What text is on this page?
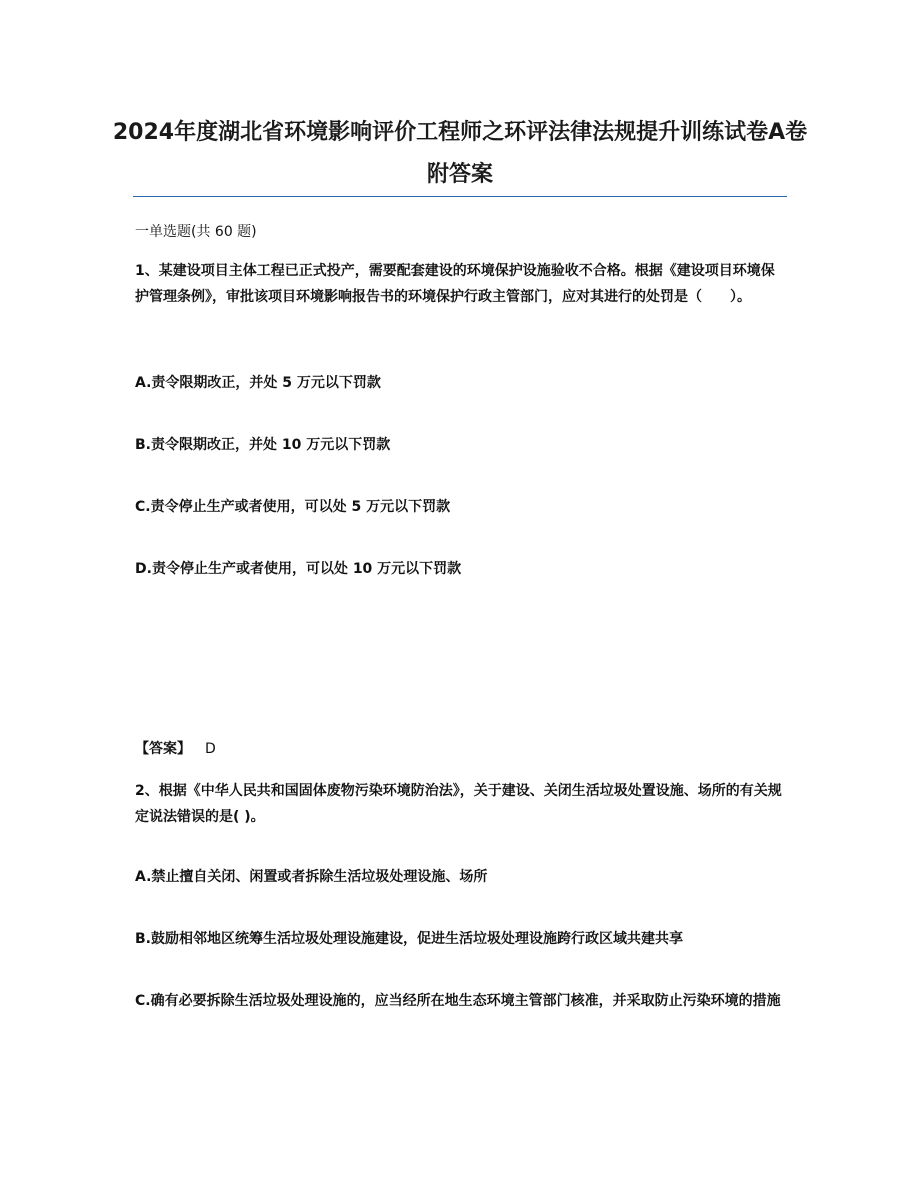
2024年度湖北省环境影响评价工程师之环评法律法规提升训练试卷A卷附答案
一单选题(共 60 题)
1、某建设项目主体工程已正式投产，需要配套建设的环境保护设施验收不合格。根据《建设项目环境保护管理条例》，审批该项目环境影响报告书的环境保护行政主管部门，应对其进行的处罚是（　　）。
A.责令限期改正，并处 5 万元以下罚款
B.责令限期改正，并处 10 万元以下罚款
C.责令停止生产或者使用，可以处 5 万元以下罚款
D.责令停止生产或者使用，可以处 10 万元以下罚款
【答案】 D
2、根据《中华人民共和国固体废物污染环境防治法》，关于建设、关闭生活垃圾处置设施、场所的有关规定说法错误的是( )。
A.禁止擅自关闭、闲置或者拆除生活垃圾处理设施、场所
B.鼓励相邻地区统筹生活垃圾处理设施建设，促进生活垃圾处理设施跨行政区域共建共享
C.确有必要拆除生活垃圾处理设施的，应当经所在地生态环境主管部门核准，并采取防止污染环境的措施
